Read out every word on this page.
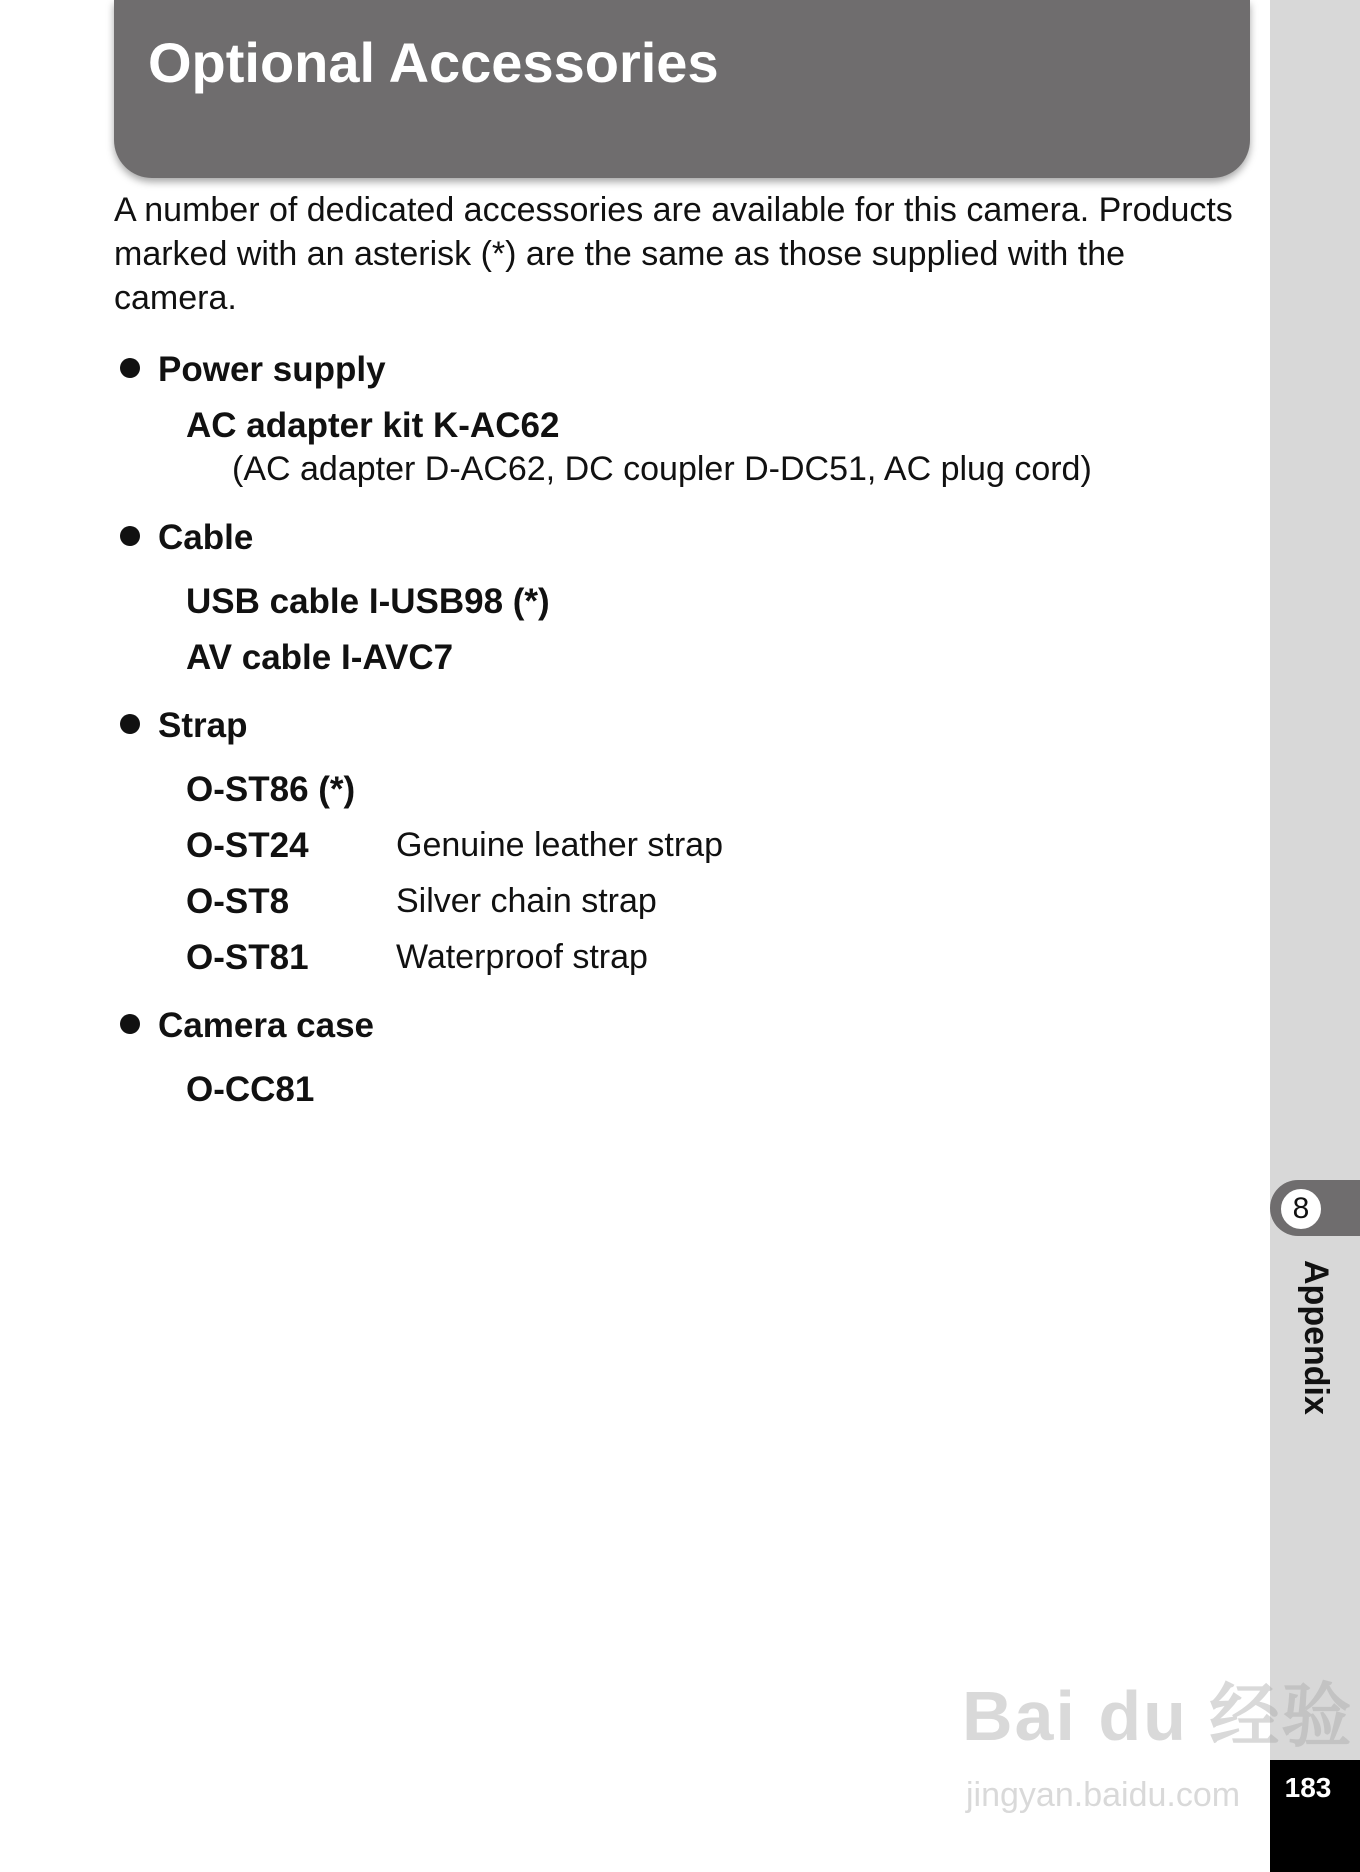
8
Appendix
Optional Accessories

A number of dedicated accessories are available for this camera. Products marked with an asterisk (*) are the same as those supplied with the camera.

Power supply
AC adapter kit K-AC62
(AC adapter D-AC62, DC coupler D-DC51, AC plug cord)
Cable
USB cable I-USB98 (*)
AV cable I-AVC7
Strap
O-ST86 (*)
O-ST24	Genuine leather strap
O-ST8	Silver chain strap
O-ST81	Waterproof strap
Camera case
O-CC81
Bai du 经验
jingyan.baidu.com	183
